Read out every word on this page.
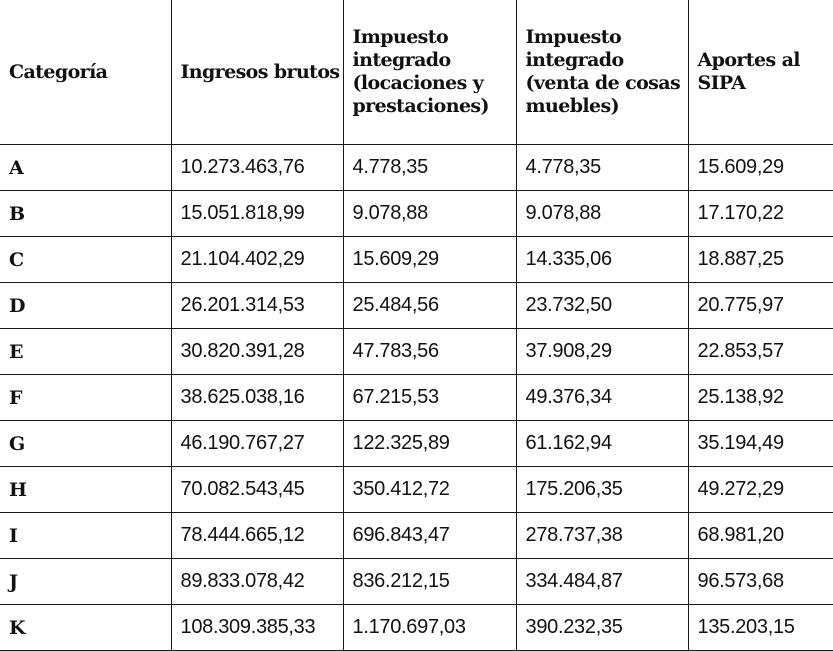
Categoría	Ingresos brutos	Impuesto integrado (locaciones y prestaciones)	Impuesto integrado (venta de cosas muebles)	Aportes al SIPA

A	10.273.463,76	4.778,35	4.778,35	15.609,29
B	15.051.818,99	9.078,88	9.078,88	17.170,22
C	21.104.402,29	15.609,29	14.335,06	18.887,25
D	26.201.314,53	25.484,56	23.732,50	20.775,97
E	30.820.391,28	47.783,56	37.908,29	22.853,57
F	38.625.038,16	67.215,53	49.376,34	25.138,92
G	46.190.767,27	122.325,89	61.162,94	35.194,49
H	70.082.543,45	350.412,72	175.206,35	49.272,29
I	78.444.665,12	696.843,47	278.737,38	68.981,20
J	89.833.078,42	836.212,15	334.484,87	96.573,68
K	108.309.385,33	1.170.697,03	390.232,35	135.203,15
